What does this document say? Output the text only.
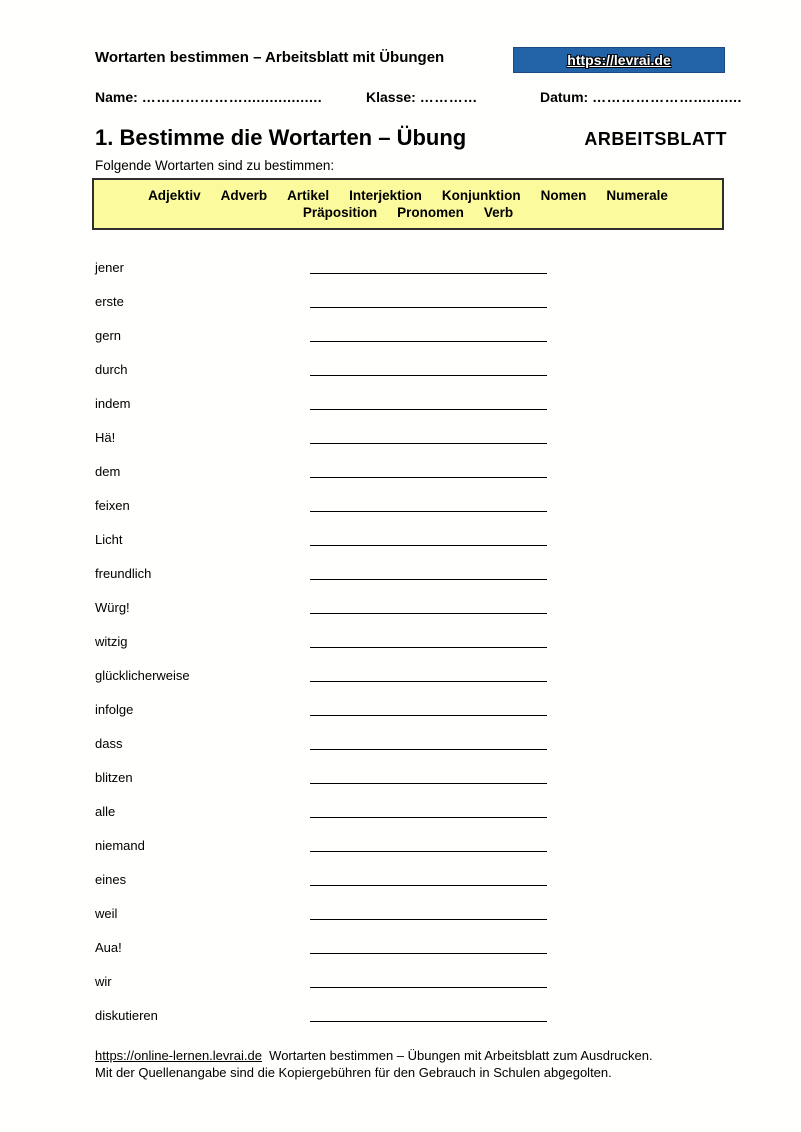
Wortarten bestimmen – Arbeitsblatt mit Übungen	https://levrai.de
Name: …………………..................	Klasse: …………	Datum: …………………...........
1. Bestimme die Wortarten – Übung	ARBEITSBLATT
Folgende Wortarten sind zu bestimmen:
Adjektiv Adverb Artikel Interjektion Konjunktion Nomen Numerale
Präposition Pronomen Verb
jener
erste
gern
durch
indem
Hä!
dem
feixen
Licht
freundlich
Würg!
witzig
glücklicherweise
infolge
dass
blitzen
alle
niemand
eines
weil
Aua!
wir
diskutieren
https://online-lernen.levrai.de  Wortarten bestimmen – Übungen mit Arbeitsblatt zum Ausdrucken.
Mit der Quellenangabe sind die Kopiergebühren für den Gebrauch in Schulen abgegolten.
